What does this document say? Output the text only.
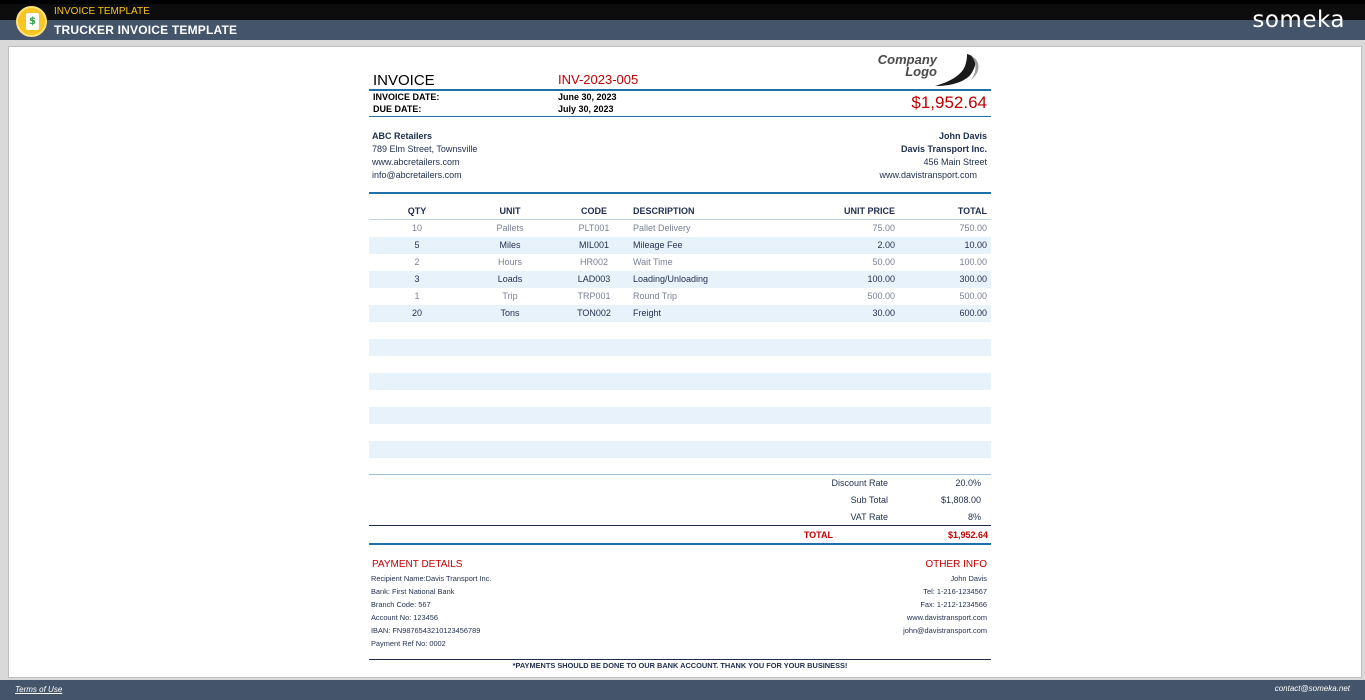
$
INVOICE TEMPLATE
TRUCKER INVOICE TEMPLATE	someka
INVOICE	INV-2023-005
Company
Logo
INVOICE DATE:	June 30, 2023
DUE DATE:	July 30, 2023	$1,952.64
ABC Retailers
789 Elm Street, Townsville
www.abcretailers.com
info@abcretailers.com
John Davis
Davis Transport Inc.
456 Main Street
www.davistransport.com
QTY	UNIT	CODE	DESCRIPTION	UNIT PRICE	TOTAL
10	Pallets	PLT001	Pallet Delivery	75.00	750.00
5	Miles	MIL001	Mileage Fee	2.00	10.00
2	Hours	HR002	Wait Time	50.00	100.00
3	Loads	LAD003	Loading/Unloading	100.00	300.00
1	Trip	TRP001	Round Trip	500.00	500.00
20	Tons	TON002	Freight	30.00	600.00
Discount Rate	20.0%
Sub Total	$1,808.00
VAT Rate	8%
TOTAL	$1,952.64
PAYMENT DETAILS
Recipient Name:Davis Transport Inc.
Bank: First National Bank
Branch Code: 567
Account No: 123456
IBAN: FN987654321012345678​9
Payment Ref No: 0002
OTHER INFO
John Davis
Tel: 1-216-1234567
Fax: 1-212-1234566
www.davistransport.com
john@davistransport.com
*PAYMENTS SHOULD BE DONE TO OUR BANK ACCOUNT. THANK YOU FOR YOUR BUSINESS!
Terms of Use	contact@someka.net
